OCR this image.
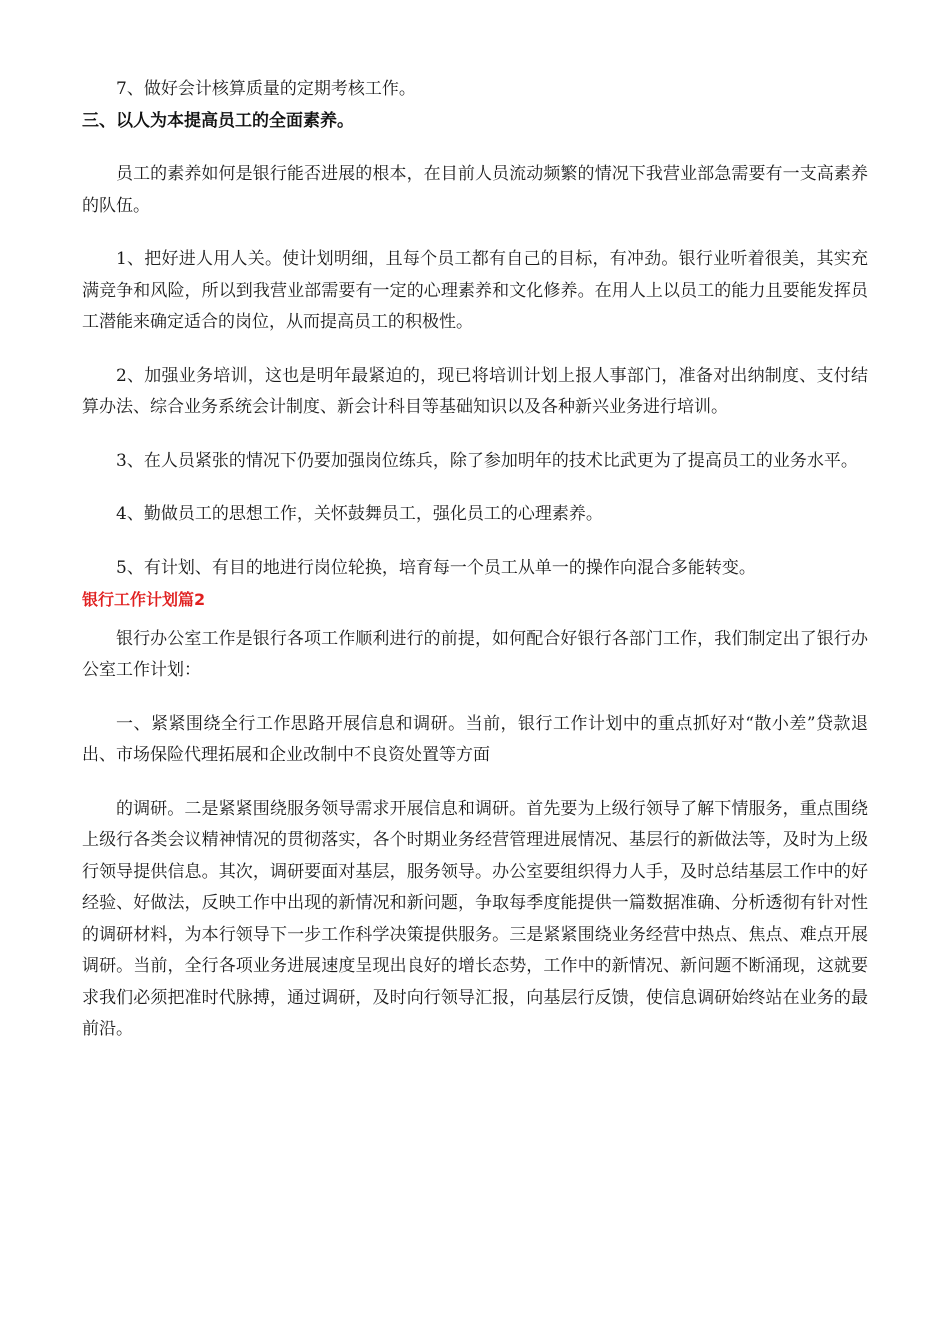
7、做好会计核算质量的定期考核工作。

三、以人为本提高员工的全面素养。

员工的素养如何是银行能否进展的根本，在目前人员流动频繁的情况下我营业部急需要有一支高素养的队伍。

1、把好进人用人关。使计划明细，且每个员工都有自己的目标，有冲劲。银行业听着很美，其实充满竞争和风险，所以到我营业部需要有一定的心理素养和文化修养。在用人上以员工的能力且要能发挥员工潜能来确定适合的岗位，从而提高员工的积极性。

2、加强业务培训，这也是明年最紧迫的，现已将培训计划上报人事部门，准备对出纳制度、支付结算办法、综合业务系统会计制度、新会计科目等基础知识以及各种新兴业务进行培训。

3、在人员紧张的情况下仍要加强岗位练兵，除了参加明年的技术比武更为了提高员工的业务水平。

4、勤做员工的思想工作，关怀鼓舞员工，强化员工的心理素养。

5、有计划、有目的地进行岗位轮换，培育每一个员工从单一的操作向混合多能转变。

银行工作计划篇2

银行办公室工作是银行各项工作顺利进行的前提，如何配合好银行各部门工作，我们制定出了银行办公室工作计划：

一、紧紧围绕全行工作思路开展信息和调研。当前，银行工作计划中的重点抓好对“散小差”贷款退出、市场保险代理拓展和企业改制中不良资处置等方面

的调研。二是紧紧围绕服务领导需求开展信息和调研。首先要为上级行领导了解下情服务，重点围绕上级行各类会议精神情况的贯彻落实，各个时期业务经营管理进展情况、基层行的新做法等，及时为上级行领导提供信息。其次，调研要面对基层，服务领导。办公室要组织得力人手，及时总结基层工作中的好经验、好做法，反映工作中出现的新情况和新问题，争取每季度能提供一篇数据准确、分析透彻有针对性的调研材料，为本行领导下一步工作科学决策提供服务。三是紧紧围绕业务经营中热点、焦点、难点开展调研。当前，全行各项业务进展速度呈现出良好的增长态势，工作中的新情况、新问题不断涌现，这就要求我们必须把准时代脉搏，通过调研，及时向行领导汇报，向基层行反馈，使信息调研始终站在业务的最前沿。
